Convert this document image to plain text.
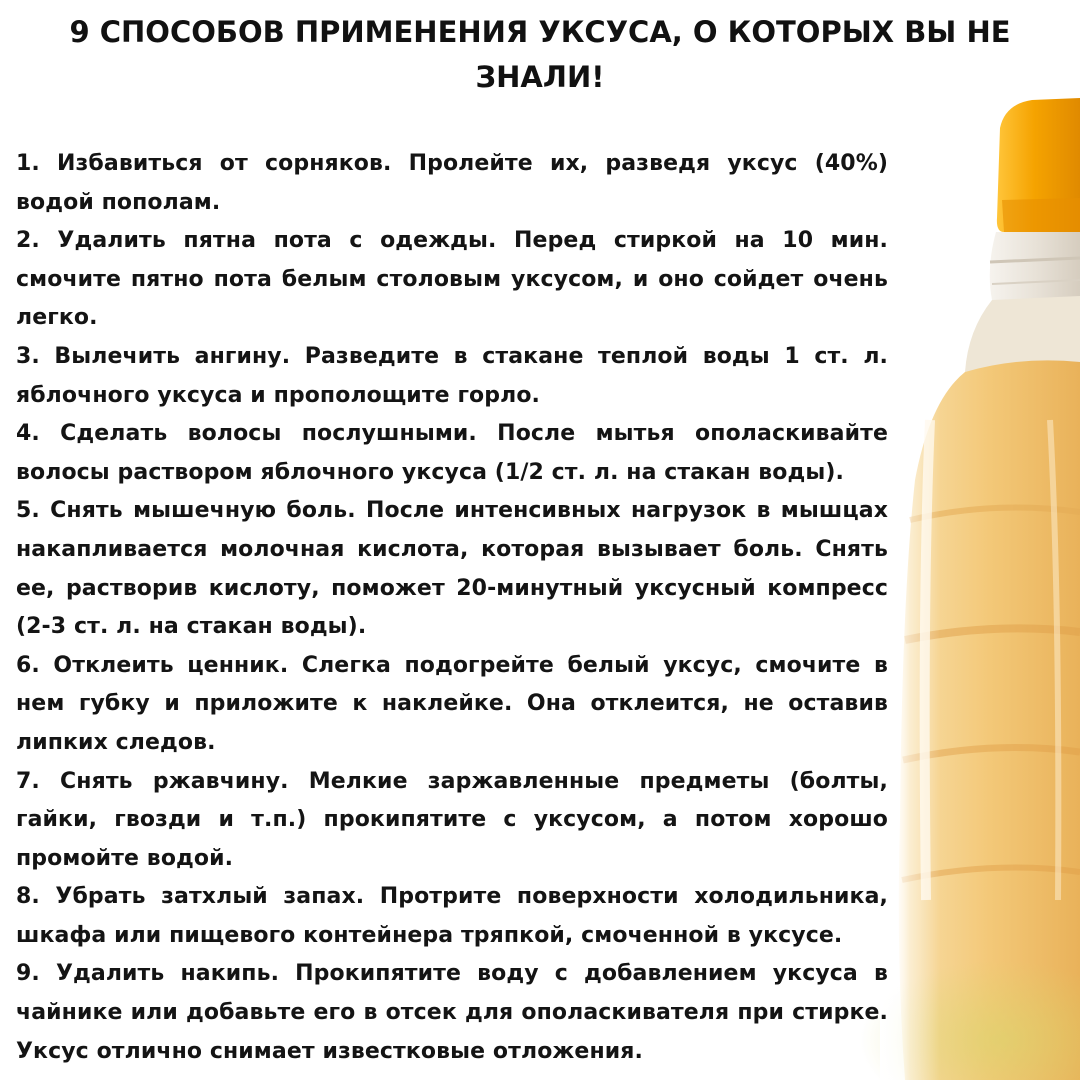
9 СПОСОБОВ ПРИМЕНЕНИЯ УКСУСА, О КОТОРЫХ ВЫ НЕ ЗНАЛИ!
1. Избавиться от сорняков. Пролейте их, разведя уксус (40%) водой пополам.
2. Удалить пятна пота с одежды. Перед стиркой на 10 мин. смочите пятно пота белым столовым уксусом, и оно сойдет очень легко.
3. Вылечить ангину. Разведите в стакане теплой воды 1 ст. л. яблочного уксуса и прополощите горло.
4. Сделать волосы послушными. После мытья ополаскивайте волосы раствором яблочного уксуса (1/2 ст. л. на стакан воды).
5. Снять мышечную боль. После интенсивных нагрузок в мышцах накапливается молочная кислота, которая вызывает боль. Снять ее, растворив кислоту, поможет 20-минутный уксусный компресс (2-3 ст. л. на стакан воды).
6. Отклеить ценник. Слегка подогрейте белый уксус, смочите в нем губку и приложите к наклейке. Она отклеится, не оставив липких следов.
7. Снять ржавчину. Мелкие заржавленные предметы (болты, гайки, гвозди и т.п.) прокипятите с уксусом, а потом хорошо промойте водой.
8. Убрать затхлый запах. Протрите поверхности холодильника, шкафа или пищевого контейнера тряпкой, смоченной в уксусе.
9. Удалить накипь. Прокипятите воду с добавлением уксуса в чайнике или добавьте его в отсек для ополаскивателя при стирке. Уксус отлично снимает известковые отложения.
